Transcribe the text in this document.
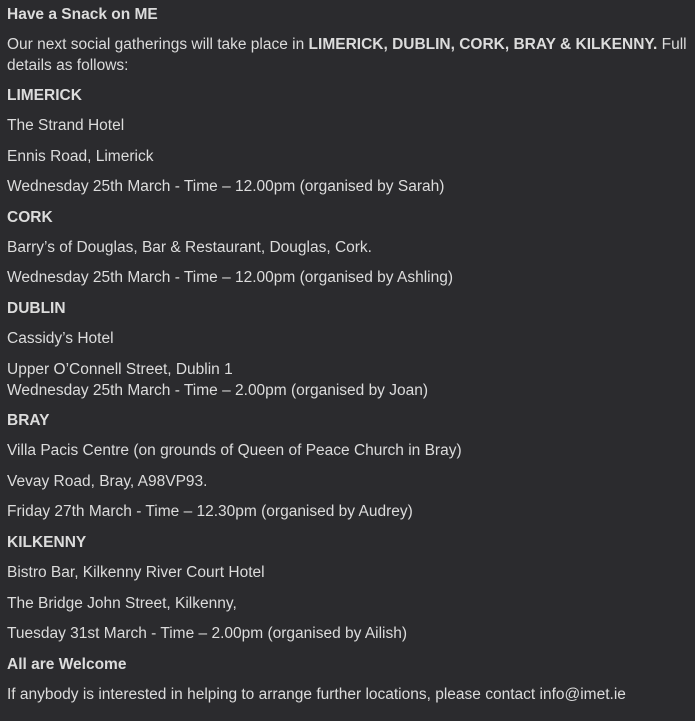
Have a Snack on ME

Our next social gatherings will take place in LIMERICK, DUBLIN, CORK, BRAY & KILKENNY. Full details as follows:

LIMERICK

The Strand Hotel

Ennis Road, Limerick

Wednesday 25th March - Time – 12.00pm (organised by Sarah)

CORK

Barry’s of Douglas, Bar & Restaurant, Douglas, Cork.

Wednesday 25th March - Time – 12.00pm (organised by Ashling)

DUBLIN

Cassidy’s Hotel

Upper O’Connell Street, Dublin 1

Wednesday 25th March - Time – 2.00pm (organised by Joan)

BRAY

Villa Pacis Centre (on grounds of Queen of Peace Church in Bray)

Vevay Road, Bray, A98VP93.

Friday 27th March - Time – 12.30pm (organised by Audrey)

KILKENNY

Bistro Bar, Kilkenny River Court Hotel

The Bridge John Street, Kilkenny,

Tuesday 31st March - Time – 2.00pm (organised by Ailish)

All are Welcome

If anybody is interested in helping to arrange further locations, please contact info@imet.ie
